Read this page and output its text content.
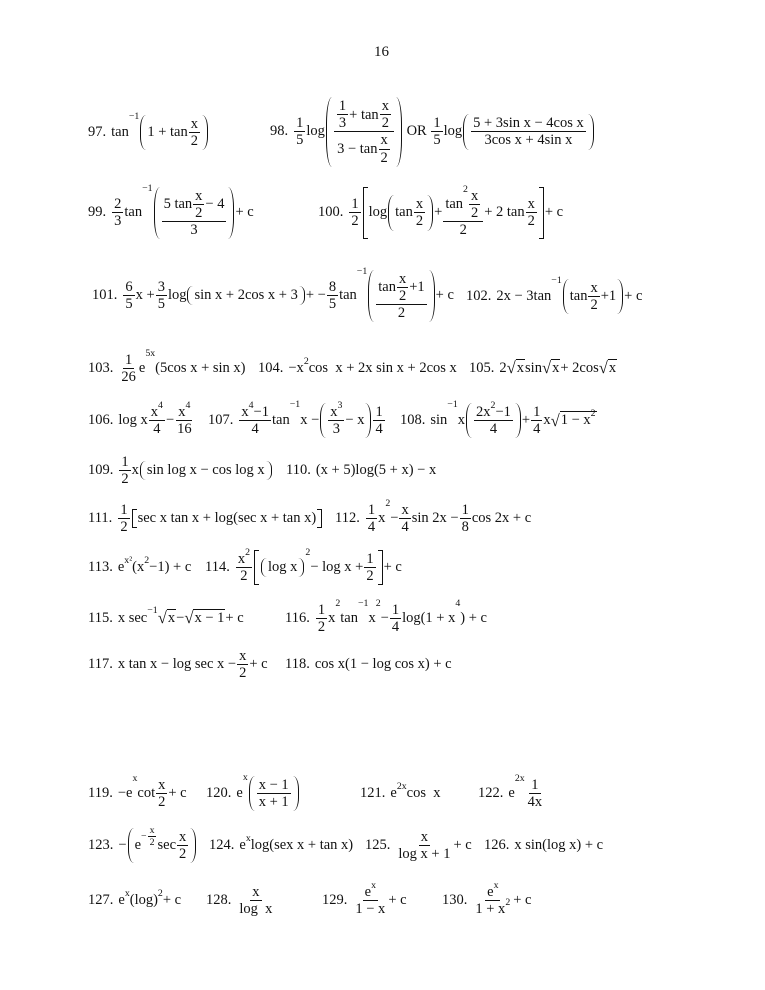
16
97. tan
−1
$1 + \tan \frac{x}{2}$	98. $\frac{1}{5}$ $\log \frac{\frac{1}{3} + \tan \frac{x}{2}}{3 - \tan \frac{x}{2}}$ OR $\frac{1}{5}$ $\log \frac{\text{5 + 3sin x − 4cos x}}{\text{3cos x + 4sin x}}$
99. $\frac{2}{3}$ tan
$-1 \frac{5 \tan \frac{x}{2} - 4}{3} + c$	100. $\frac{1}{2}$ $\log \tan \frac{x}{2} + \tan$
$2 \frac{x}{2}$
2 + 2 $\tan \frac{x}{2} + c$
101. $\frac{6}{5}$ $x + \frac{3}{5}$ log sin x + 2cos x + 3 + − $\frac{8}{5}$ tan
$-1 \frac{\tan \frac{x}{2} +1}{2} + c$ 102. 2x − 3tan
−1
$\tan \frac{x}{2} +1 + c$
103. $\frac{1}{26}$ e
5x
(5cos x + sin x) 104. −x 2 cos  x + 2x sin x + 2cos x 105. 2 √ x sin √ x + 2cos √ x
106. log x $\frac{x 4}{4} - \frac{x 4}{16} 107$. $\frac{x 4 -1}{4}$ tan
−1
$x - \frac{x 3}{3} - x \frac{1}{4} 108$. sin
−1
x $\frac{2x 2 -1}{4} + \frac{1}{4}$ x √ 1 − x 2
109. $\frac{1}{2}$ x sin log x − cos log x 110. (x + 5)log(5 + x) − x
111. $\frac{1}{2}$ sec x tan x + log(sec x + tan x) 112. $\frac{1}{4}$ x
2
− $\frac{x}{4}$ $\sin 2x - \frac{1}{8}$ cos 2x + c
113. e x² (x 2 −1) + c 114. $\frac{x 2}{2}$ log x
2
− $\log x + \frac{1}{2} + c$
115. x sec −1 √ x − √ x − 1 + c	116. $\frac{1}{2}$ x
2
tan
−1
x
2
− $\frac{1}{4} \log(1 + x$
4
) + c
117. x $\tan x - \log \sec x - \frac{x}{2} + c$ 118. cos x(1 − log cos x) + c
119. −e
x
$\cot \frac{x}{2} + c$ 120. e
x $\frac{x - 1}{x + 1}$	121. e 2x cos  x	122. e
$2x \frac{1}{4x}$
123. − e
− $\frac{x}{2}$ $\sec \frac{x}{2} 124$. e x log(sex x + tan x) 125. $\frac{x}{\text{log x + 1}} + c$ 126. x sin(log x) + c
127. e x (log) 2 + c 128. $\frac{x}{\text{log  x}}$	129. $\frac{\text{e x}}{1 - x} + c$ 130. $\frac{\text{e x}}{1 + x 2} + c$
